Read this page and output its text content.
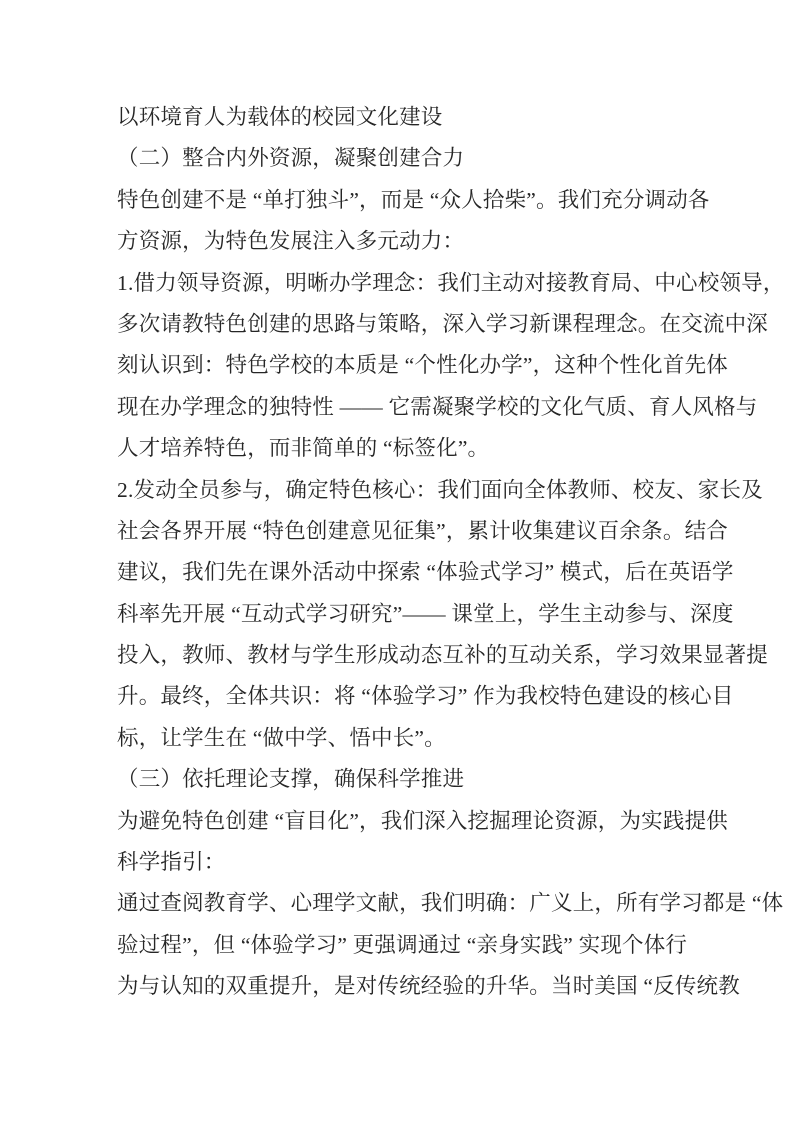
以环境育人为载体的校园文化建设
（二）整合内外资源，凝聚创建合力
特色创建不是 “单打独斗”，而是 “众人拾柴”。我们充分调动各
方资源，为特色发展注入多元动力：
1.借力领导资源，明晰办学理念：我们主动对接教育局、中心校领导，
多次请教特色创建的思路与策略，深入学习新课程理念。在交流中深
刻认识到：特色学校的本质是 “个性化办学”，这种个性化首先体
现在办学理念的独特性 —— 它需凝聚学校的文化气质、育人风格与
人才培养特色，而非简单的 “标签化”。
2.发动全员参与，确定特色核心：我们面向全体教师、校友、家长及
社会各界开展 “特色创建意见征集”，累计收集建议百余条。结合
建议，我们先在课外活动中探索 “体验式学习” 模式，后在英语学
科率先开展 “互动式学习研究”—— 课堂上，学生主动参与、深度
投入，教师、教材与学生形成动态互补的互动关系，学习效果显著提
升。最终，全体共识：将 “体验学习” 作为我校特色建设的核心目
标，让学生在 “做中学、悟中长”。
（三）依托理论支撑，确保科学推进
为避免特色创建 “盲目化”，我们深入挖掘理论资源，为实践提供
科学指引：
通过查阅教育学、心理学文献，我们明确：广义上，所有学习都是 “体
验过程”，但 “体验学习” 更强调通过 “亲身实践” 实现个体行
为与认知的双重提升，是对传统经验的升华。当时美国 “反传统教
